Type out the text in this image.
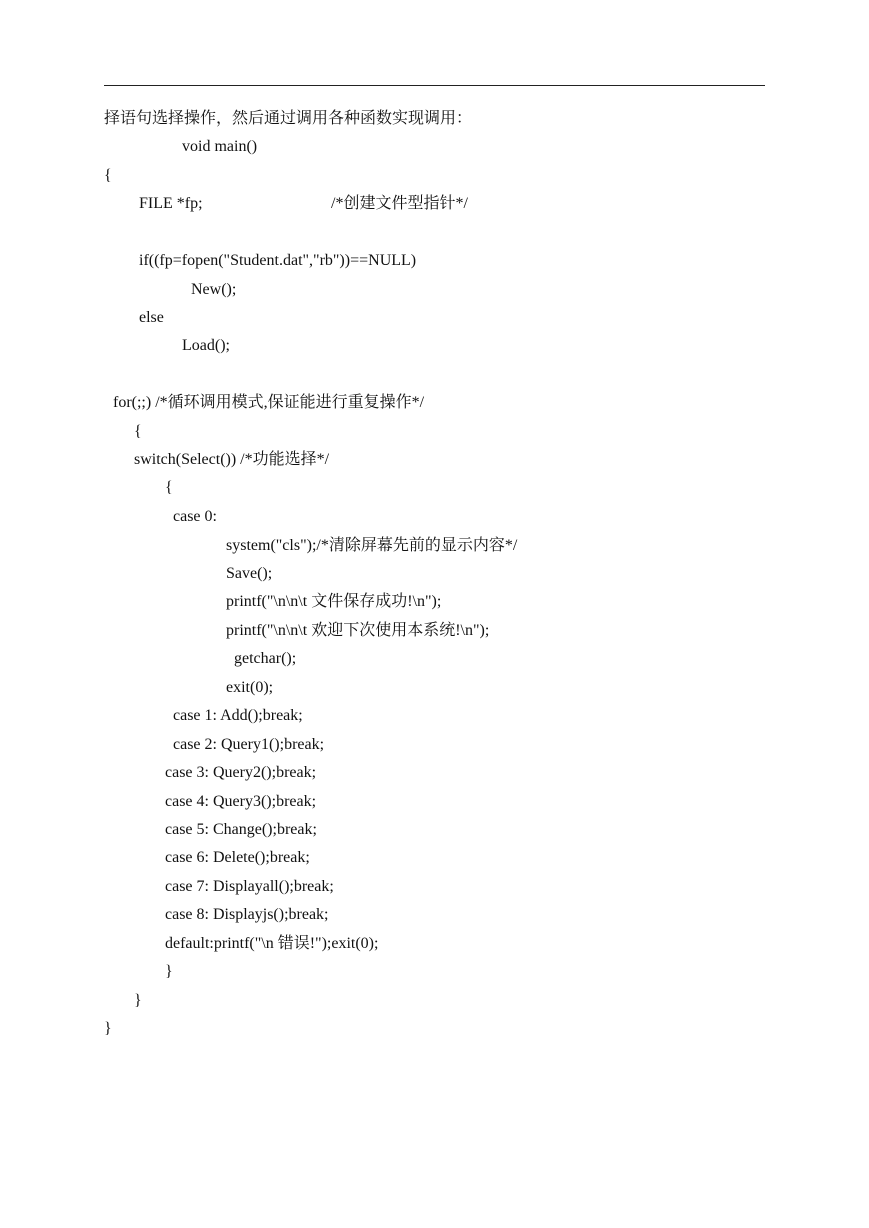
择语句选择操作，然后通过调用各种函数实现调用：
void main()
{
FILE *fp;	/*创建文件型指针*/
if((fp=fopen("Student.dat","rb"))==NULL)
New();
else
Load();
for(;;) /*循环调用模式,保证能进行重复操作*/
{
switch(Select()) /*功能选择*/
{
case 0:
system("cls");/*清除屏幕先前的显示内容*/
Save();
printf("\n\n\t 文件保存成功!\n");
printf("\n\n\t 欢迎下次使用本系统!\n");
getchar();
exit(0);
case 1: Add();break;
case 2: Query1();break;
case 3: Query2();break;
case 4: Query3();break;
case 5: Change();break;
case 6: Delete();break;
case 7: Displayall();break;
case 8: Displayjs();break;
default:printf("\n 错误!");exit(0);
}
}
}
